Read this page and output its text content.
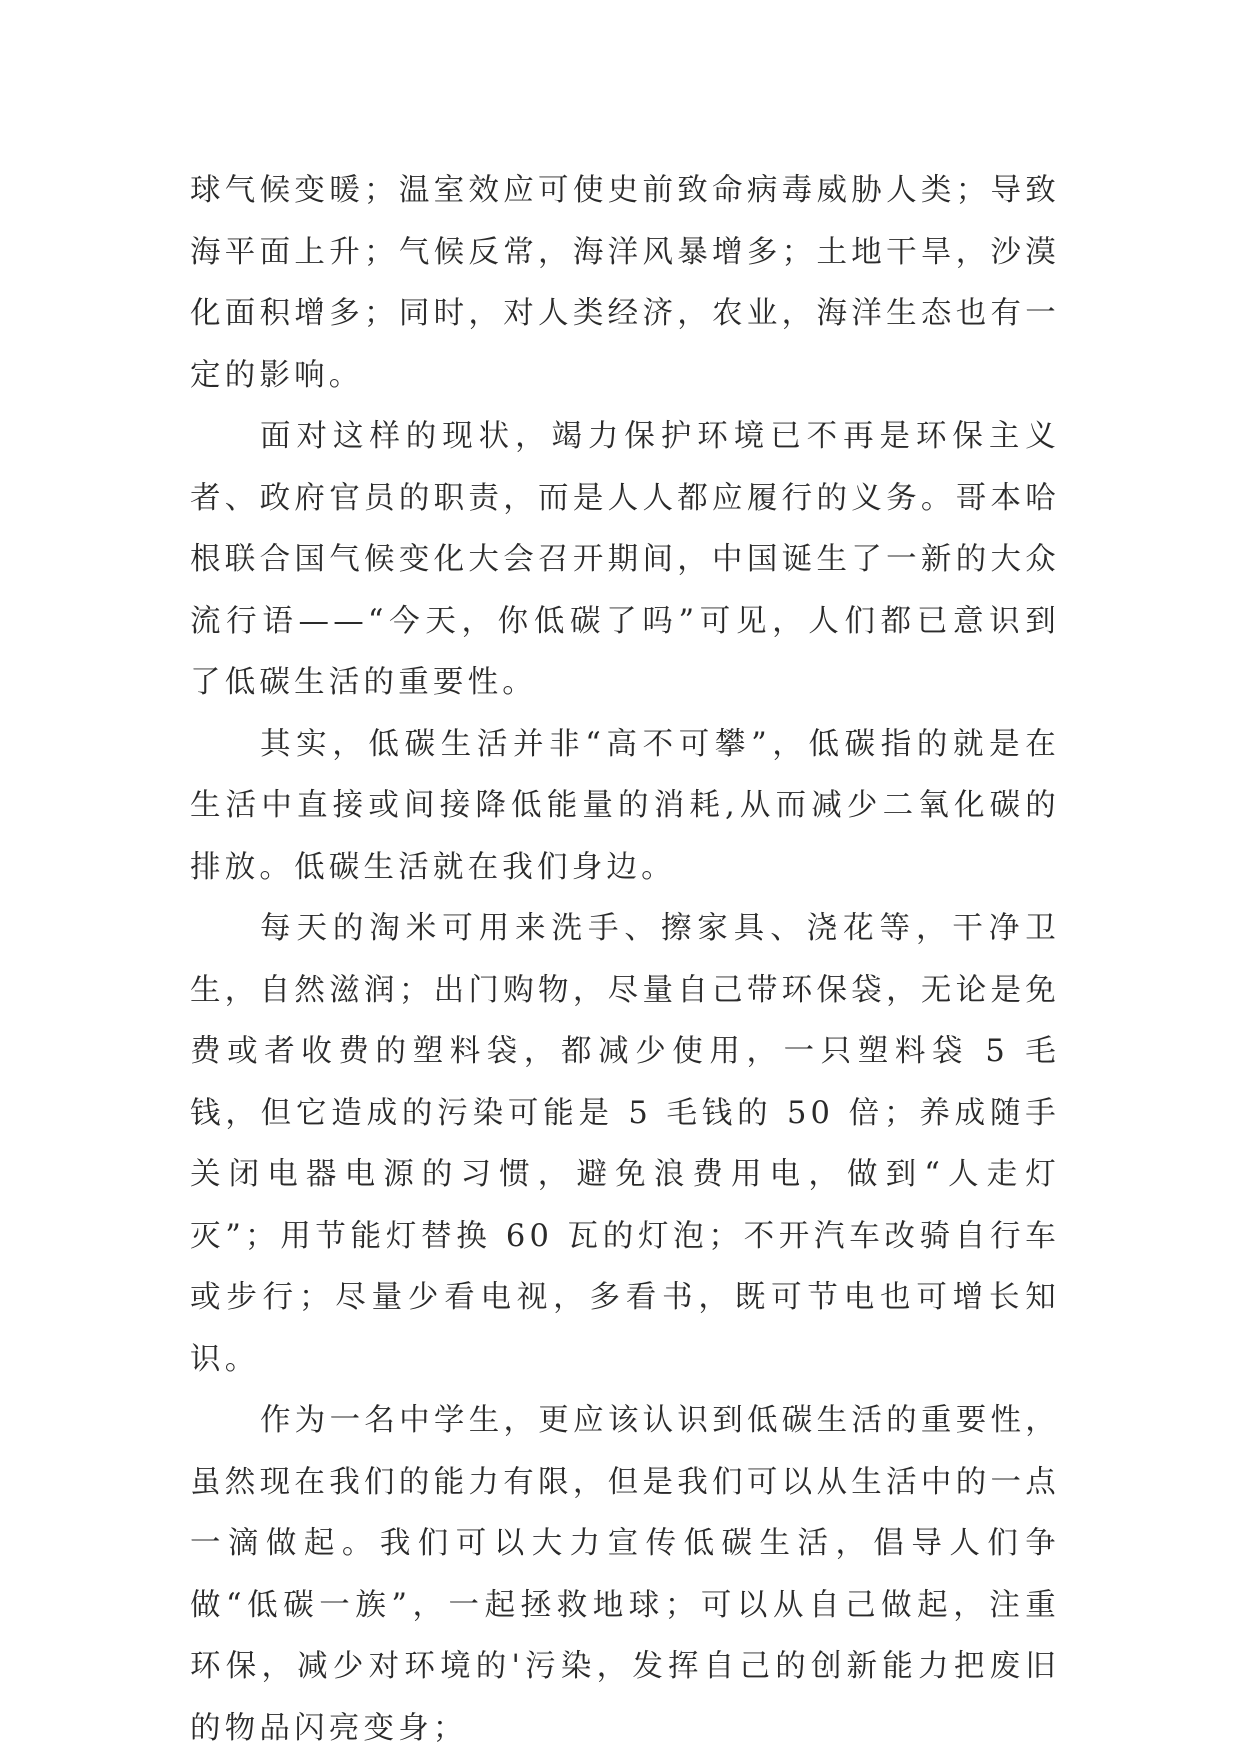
球气候变暖；温室效应可使史前致命病毒威胁人类；导致海平面上升；气候反常，海洋风暴增多；土地干旱，沙漠化面积增多；同时，对人类经济，农业，海洋生态也有一定的影响。

面对这样的现状，竭力保护环境已不再是环保主义者、政府官员的职责，而是人人都应履行的义务。哥本哈根联合国气候变化大会召开期间，中国诞生了一新的大众流行语——“今天，你低碳了吗”可见，人们都已意识到了低碳生活的重要性。

其实，低碳生活并非“高不可攀”，低碳指的就是在生活中直接或间接降低能量的消耗,从而减少二氧化碳的排放。低碳生活就在我们身边。

每天的淘米可用来洗手、擦家具、浇花等，干净卫生，自然滋润；出门购物，尽量自己带环保袋，无论是免费或者收费的塑料袋，都减少使用，一只塑料袋 5 毛钱，但它造成的污染可能是 5 毛钱的 50 倍；养成随手关闭电器电源的习惯，避免浪费用电，做到“人走灯灭”；用节能灯替换 60 瓦的灯泡；不开汽车改骑自行车或步行；尽量少看电视，多看书，既可节电也可增长知识。

作为一名中学生，更应该认识到低碳生活的重要性，虽然现在我们的能力有限，但是我们可以从生活中的一点一滴做起。我们可以大力宣传低碳生活，倡导人们争做“低碳一族”，一起拯救地球；可以从自己做起，注重环保，减少对环境的'污染，发挥自己的创新能力把废旧的物品闪亮变身；
